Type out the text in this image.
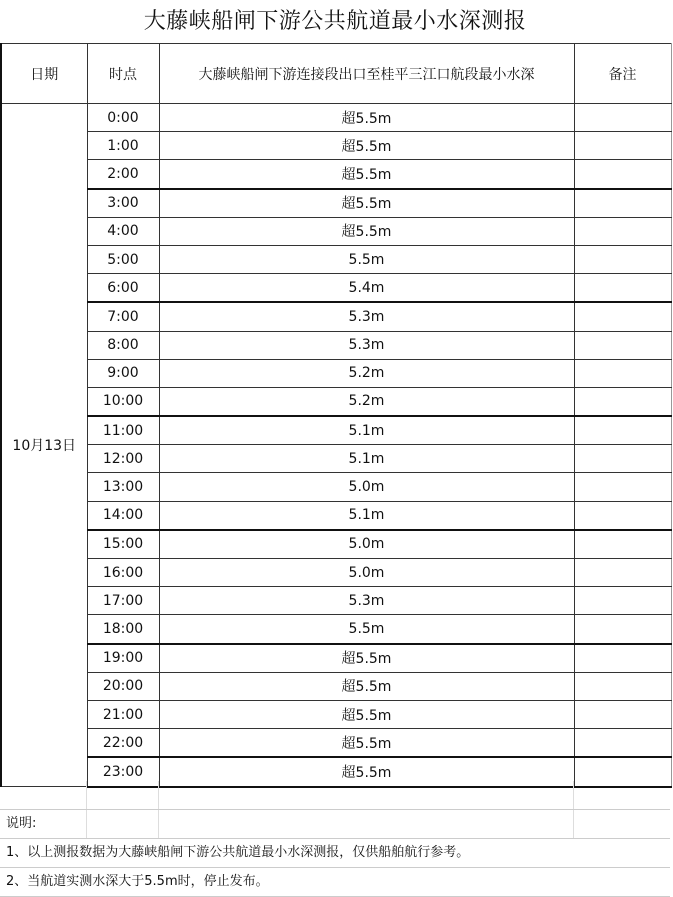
大藤峡船闸下游公共航道最小水深测报
日期	时点	大藤峡船闸下游连接段出口至桂平三江口航段最小水深	备注
10月13日	0:00	超5.5m	
	1:00	超5.5m	
	2:00	超5.5m	
	3:00	超5.5m	
	4:00	超5.5m	
	5:00	5.5m	
	6:00	5.4m	
	7:00	5.3m	
	8:00	5.3m	
	9:00	5.2m	
	10:00	5.2m	
	11:00	5.1m	
	12:00	5.1m	
	13:00	5.0m	
	14:00	5.1m	
	15:00	5.0m	
	16:00	5.0m	
	17:00	5.3m	
	18:00	5.5m	
	19:00	超5.5m	
	20:00	超5.5m	
	21:00	超5.5m	
	22:00	超5.5m	
	23:00	超5.5m	
说明:
1、以上测报数据为大藤峡船闸下游公共航道最小水深测报，仅供船舶航行参考。
2、当航道实测水深大于5.5m时，停止发布。
